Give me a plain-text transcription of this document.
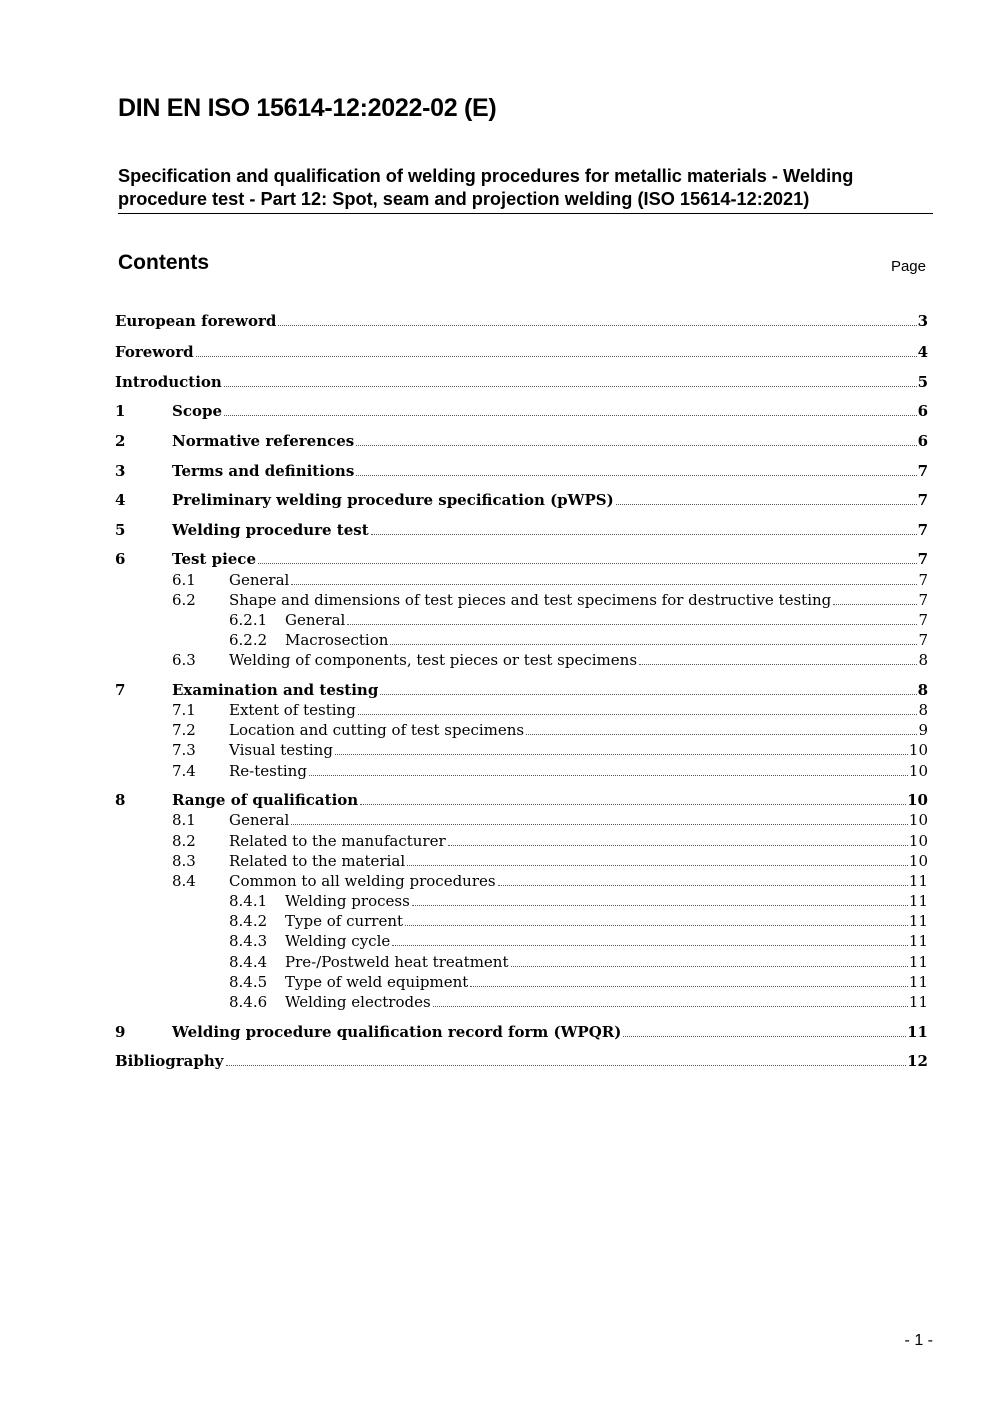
DIN EN ISO 15614-12:2022-02 (E)
Specification and qualification of welding procedures for metallic materials - Welding procedure test - Part 12: Spot, seam and projection welding (ISO 15614-12:2021)
Contents	Page
European foreword	3
Foreword	4
Introduction	5
1	Scope	6
2	Normative references	6
3	Terms and definitions	7
4	Preliminary welding procedure specification (pWPS)	7
5	Welding procedure test	7
6	Test piece	7
6.1 General	7
6.2 Shape and dimensions of test pieces and test specimens for destructive testing	7
6.2.1 General	7
6.2.2 Macrosection	7
6.3 Welding of components, test pieces or test specimens	8
7	Examination and testing	8
7.1 Extent of testing	8
7.2 Location and cutting of test specimens	9
7.3 Visual testing	10
7.4 Re-testing	10
8	Range of qualification	10
8.1 General	10
8.2 Related to the manufacturer	10
8.3 Related to the material	10
8.4 Common to all welding procedures	11
8.4.1 Welding process	11
8.4.2 Type of current	11
8.4.3 Welding cycle	11
8.4.4 Pre-/Postweld heat treatment	11
8.4.5 Type of weld equipment	11
8.4.6 Welding electrodes	11
9	Welding procedure qualification record form (WPQR)	11
Bibliography	12
- 1 -
